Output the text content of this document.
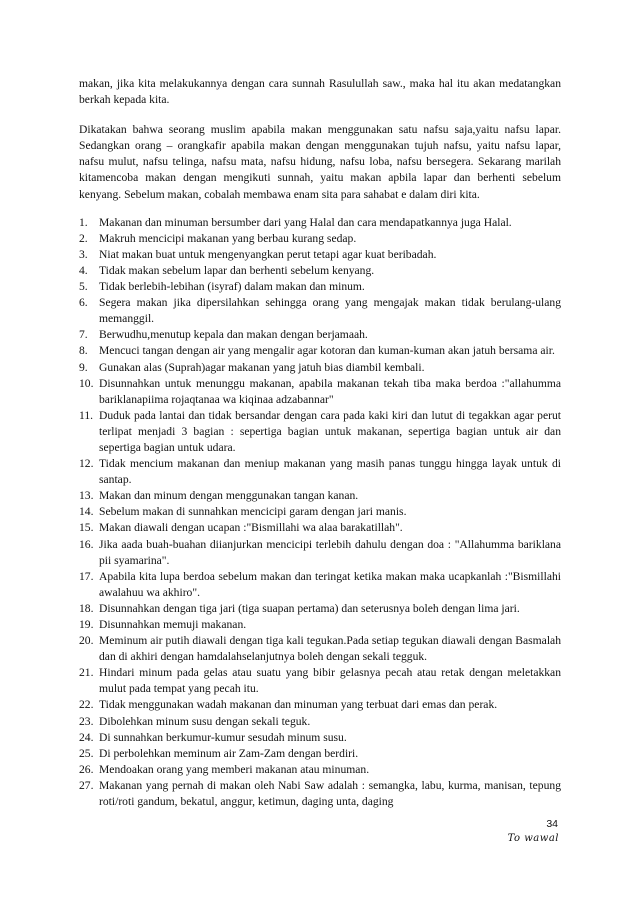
makan, jika kita melakukannya dengan cara sunnah Rasulullah saw., maka hal itu akan medatangkan berkah kepada kita.

Dikatakan bahwa seorang muslim apabila makan menggunakan satu nafsu saja,yaitu nafsu lapar. Sedangkan orang – orangkafir apabila makan dengan menggunakan tujuh nafsu, yaitu nafsu lapar, nafsu mulut, nafsu telinga, nafsu mata, nafsu hidung, nafsu loba, nafsu bersegera. Sekarang marilah kitamencoba makan dengan mengikuti sunnah, yaitu makan apbila lapar dan berhenti sebelum kenyang. Sebelum makan, cobalah membawa enam sita para sahabat e dalam diri kita.

1. Makanan dan minuman bersumber dari yang Halal dan cara mendapatkannya juga Halal.
2. Makruh mencicipi makanan yang berbau kurang sedap.
3. Niat makan buat untuk mengenyangkan perut tetapi agar kuat beribadah.
4. Tidak makan sebelum lapar dan berhenti sebelum kenyang.
5. Tidak berlebih-lebihan (isyraf) dalam makan dan minum.
6. Segera makan jika dipersilahkan sehingga orang yang mengajak makan tidak berulang-ulang memanggil.
7. Berwudhu,menutup kepala dan makan dengan berjamaah.
8. Mencuci tangan dengan air yang mengalir agar kotoran dan kuman-kuman akan jatuh bersama air.
9. Gunakan alas (Suprah)agar makanan yang jatuh bias diambil kembali.
10. Disunnahkan untuk menunggu makanan, apabila makanan tekah tiba maka berdoa :"allahumma bariklanapiima rojaqtanaa wa kiqinaa adzabannar"
11. Duduk pada lantai dan tidak bersandar dengan cara pada kaki kiri dan lutut di tegakkan agar perut terlipat menjadi 3 bagian : sepertiga bagian untuk makanan, sepertiga bagian untuk air dan sepertiga bagian untuk udara.
12. Tidak mencium makanan dan meniup makanan yang masih panas tunggu hingga layak untuk di santap.
13. Makan dan minum dengan menggunakan tangan kanan.
14. Sebelum makan di sunnahkan mencicipi garam dengan jari manis.
15. Makan diawali dengan ucapan :"Bismillahi wa alaa barakatillah".
16. Jika aada buah-buahan diianjurkan mencicipi terlebih dahulu dengan doa : "Allahumma bariklana pii syamarina".
17. Apabila kita lupa berdoa sebelum makan dan teringat ketika makan maka ucapkanlah :"Bismillahi awalahuu wa akhiro".
18. Disunnahkan dengan tiga jari (tiga suapan pertama) dan seterusnya boleh dengan lima jari.
19. Disunnahkan memuji makanan.
20. Meminum air putih diawali dengan tiga kali tegukan.Pada setiap tegukan diawali dengan Basmalah dan di akhiri dengan hamdalahselanjutnya boleh dengan sekali tegguk.
21. Hindari minum pada gelas atau suatu yang bibir gelasnya pecah atau retak dengan meletakkan mulut pada tempat yang pecah itu.
22. Tidak menggunakan wadah makanan dan minuman yang terbuat dari emas dan perak.
23. Dibolehkan minum susu dengan sekali teguk.
24. Di sunnahkan berkumur-kumur sesudah minum susu.
25. Di perbolehkan meminum air Zam-Zam dengan berdiri.
26. Mendoakan orang yang memberi makanan atau minuman.
27. Makanan yang pernah di makan oleh Nabi Saw adalah : semangka, labu, kurma, manisan, tepung roti/roti gandum, bekatul, anggur, ketimun, daging unta, daging
34
To wawal
